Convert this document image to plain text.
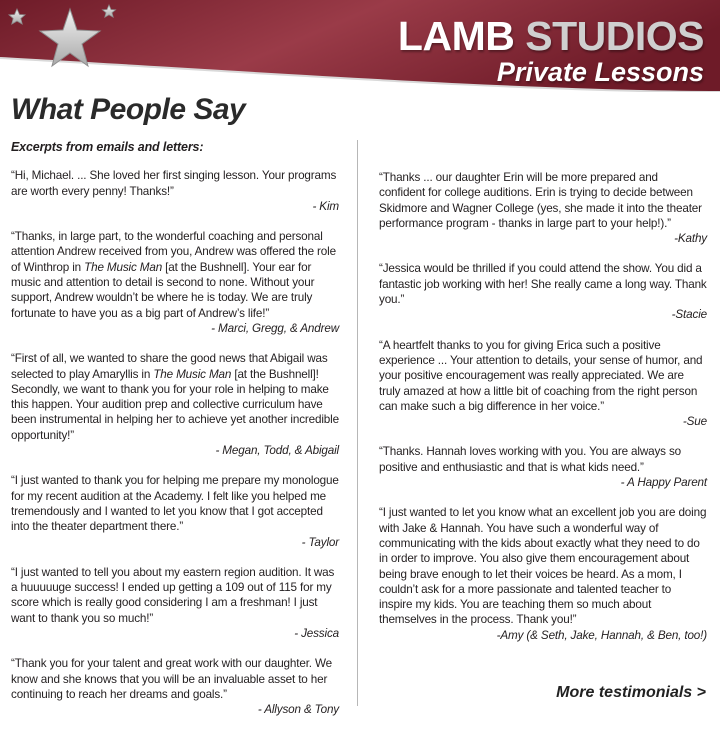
LAMB STUDIOS
Private Lessons
What People Say

Excerpts from emails and letters:

“Hi, Michael. ... She loved her first singing lesson. Your programs are worth every penny! Thanks!”

- Kim

“Thanks, in large part, to the wonderful coaching and personal attention Andrew received from you, Andrew was offered the role of Winthrop in The Music Man [at the Bushnell]. Your ear for music and attention to detail is second to none. Without your support, Andrew wouldn’t be where he is today. We are truly fortunate to have you as a big part of Andrew’s life!”

- Marci, Gregg, & Andrew

“First of all, we wanted to share the good news that Abigail was selected to play Amaryllis in The Music Man [at the Bushnell]! Secondly, we want to thank you for your role in helping to make this happen. Your audition prep and collective curriculum have been instrumental in helping her to achieve yet another incredible opportunity!”

- Megan, Todd, & Abigail

“I just wanted to thank you for helping me prepare my monologue for my recent audition at the Academy. I felt like you helped me tremendously and I wanted to let you know that I got accepted into the theater department there.”

- Taylor

“I just wanted to tell you about my eastern region audition. It was a huuuuuge success! I ended up getting a 109 out of 115 for my score which is really good considering I am a freshman! I just want to thank you so much!”

- Jessica

“Thank you for your talent and great work with our daughter. We know and she knows that you will be an invaluable asset to her continuing to reach her dreams and goals.”

- Allyson & Tony

“Thanks ... our daughter Erin will be more prepared and confident for college auditions. Erin is trying to decide between Skidmore and Wagner College (yes, she made it into the theater performance program - thanks in large part to your help!).”

-Kathy

“Jessica would be thrilled if you could attend the show. You did a fantastic job working with her! She really came a long way. Thank you.”

-Stacie

“A heartfelt thanks to you for giving Erica such a positive experience ... Your attention to details, your sense of humor, and your positive encouragement was really appreciated. We are truly amazed at how a little bit of coaching from the right person can make such a big difference in her voice.”

-Sue

“Thanks. Hannah loves working with you. You are always so positive and enthusiastic and that is what kids need.”

- A Happy Parent

“I just wanted to let you know what an excellent job you are doing with Jake & Hannah. You have such a wonderful way of communicating with the kids about exactly what they need to do in order to improve. You also give them encouragement about being brave enough to let their voices be heard. As a mom, I couldn’t ask for a more passionate and talented teacher to inspire my kids. You are teaching them so much about themselves in the process. Thank you!”

-Amy (& Seth, Jake, Hannah, & Ben, too!)

More testimonials >
